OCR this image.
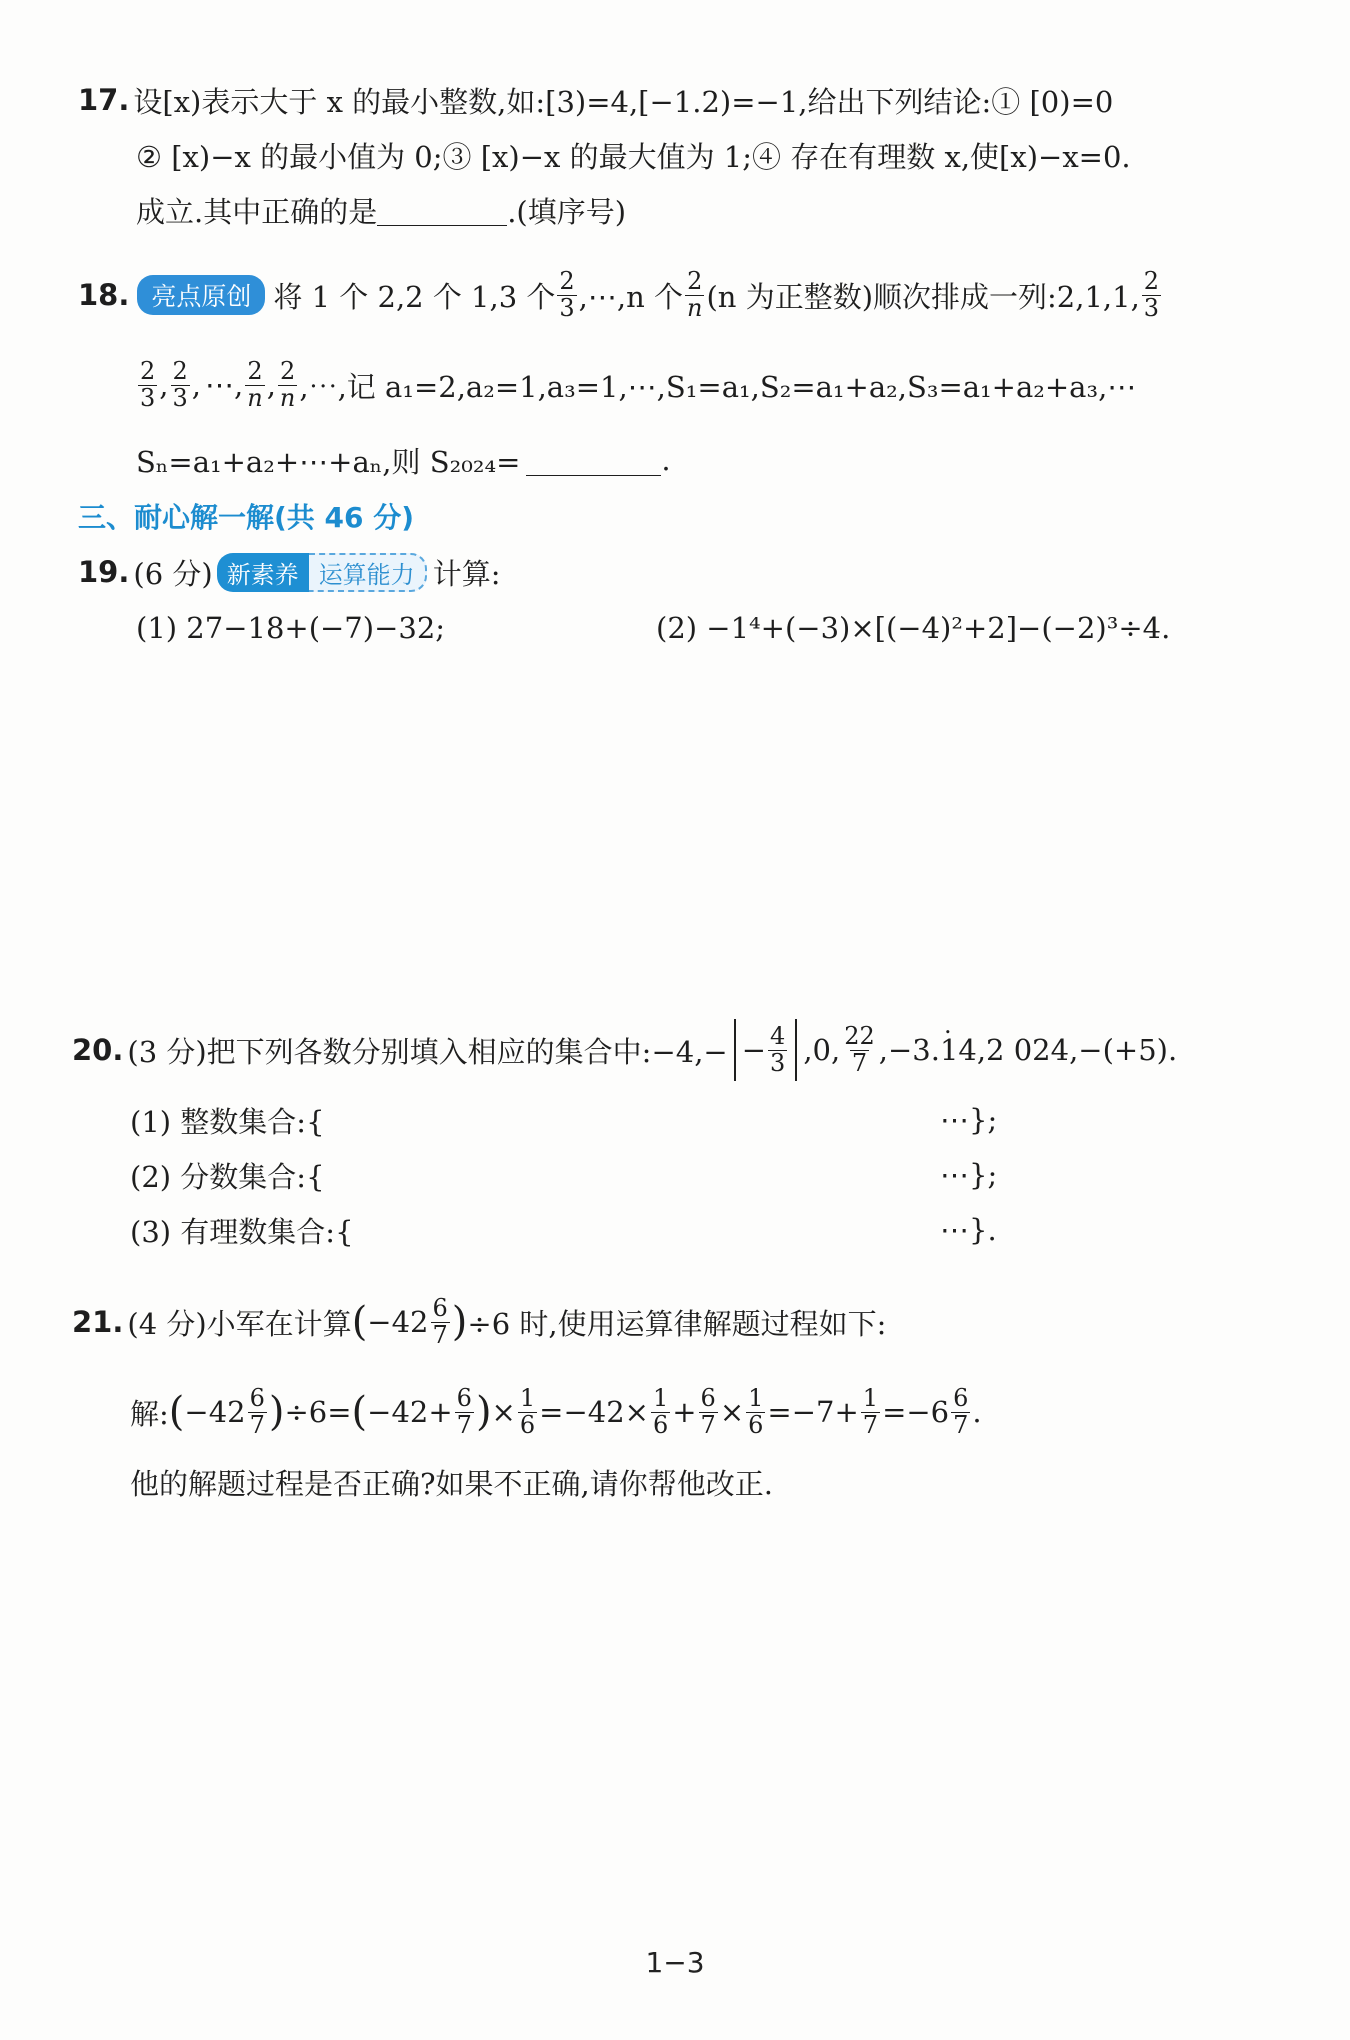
17. 设[x)表示大于 x 的最小整数,如:[3)=4,[−1.2)=−1,给出下列结论:① [0)=0
② [x)−x 的最小值为 0;③ [x)−x 的最大值为 1;④ 存在有理数 x,使[x)−x=0.
成立.其中正确的是	.(填序号)
18. 亮点原创 将 1 个 2,2 个 1,3 个 $\frac{2}{3}$ ,⋯,n 个 $\frac{2}{n} (n$ 为正整数)顺次排成一列:2,1,1, $\frac{2}{3}$
$\frac{2}{3}$ , $\frac{2}{3}$ , ⋯, $\frac{2}{n}$ , $\frac{2}{n}$ ,⋯,记 a₁=2,a₂=1,a₃=1,⋯,S₁=a₁,S₂=a₁+a₂,S₃=a₁+a₂+a₃,⋯
Sₙ=a₁+a₂+⋯+aₙ,则 S₂₀₂₄=	.
三、耐心解一解(共 46 分)
19. (6 分) 新素养 运算能力 计算:
(1) 27−18+(−7)−32;	(2) −1⁴+(−3)×[(−4)²+2]−(−2)³÷4.
20. (3 分)把下列各数分别填入相应的集合中:−4,− − $\frac{4}{3} ,0$, $\frac{22}{7} ,-3$.
. 14 ,2 024,−(+5).
(1) 整数集合:{	⋯};
(2) 分数集合:{	⋯};
(3) 有理数集合:{	⋯}.
21. (4 分)小军在计算 ( $-42 \frac{6}{7}$ ) ÷6 时,使用运算律解题过程如下:
解: ( $-42 \frac{6}{7}$ ) ÷6= ( $-42+ \frac{6}{7}$ ) × $\frac{1}{6} =-42\times \frac{1}{6} + \frac{6}{7} \times \frac{1}{6} =-7+ \frac{1}{7} =-6 \frac{6}{7}$ .
他的解题过程是否正确?如果不正确,请你帮他改正.
1−3
